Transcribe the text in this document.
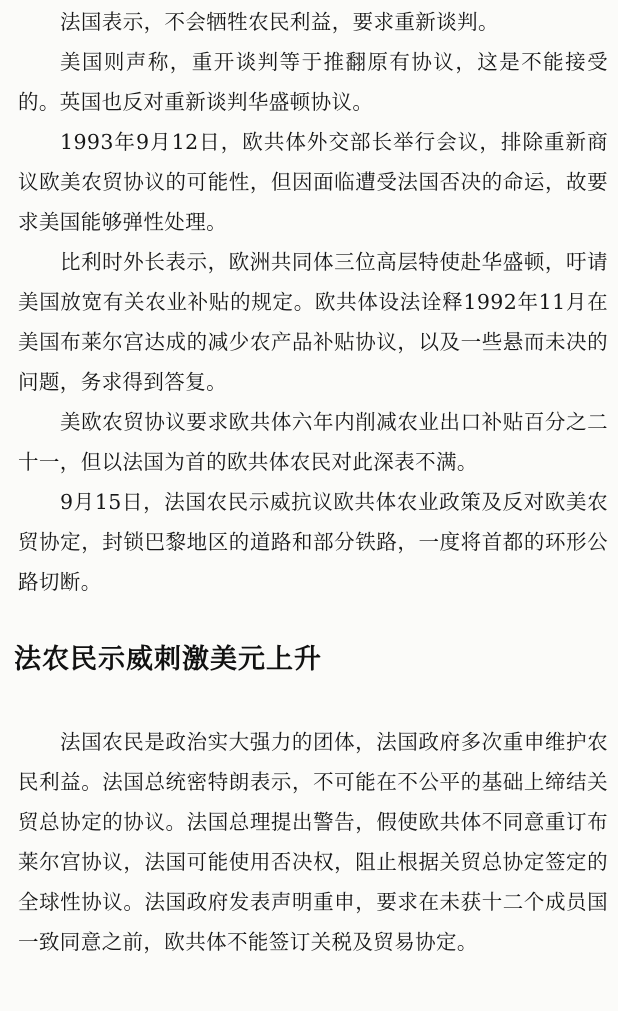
法国表示，不会牺牲农民利益，要求重新谈判。

美国则声称，重开谈判等于推翻原有协议，这是不能接受的。英国也反对重新谈判华盛顿协议。

1993年9月12日，欧共体外交部长举行会议，排除重新商议欧美农贸协议的可能性，但因面临遭受法国否决的命运，故要求美国能够弹性处理。

比利时外长表示，欧洲共同体三位高层特使赴华盛顿，吁请美国放宽有关农业补贴的规定。欧共体设法诠释1992年11月在美国布莱尔宫达成的减少农产品补贴协议，以及一些悬而未决的问题，务求得到答复。

美欧农贸协议要求欧共体六年内削减农业出口补贴百分之二十一，但以法国为首的欧共体农民对此深表不满。

9月15日，法国农民示威抗议欧共体农业政策及反对欧美农贸协定，封锁巴黎地区的道路和部分铁路，一度将首都的环形公路切断。

法农民示威刺激美元上升

法国农民是政治实大强力的团体，法国政府多次重申维护农民利益。法国总统密特朗表示，不可能在不公平的基础上缔结关贸总协定的协议。法国总理提出警告，假使欧共体不同意重订布莱尔宫协议，法国可能使用否决权，阻止根据关贸总协定签定的全球性协议。法国政府发表声明重申，要求在未获十二个成员国一致同意之前，欧共体不能签订关税及贸易协定。
